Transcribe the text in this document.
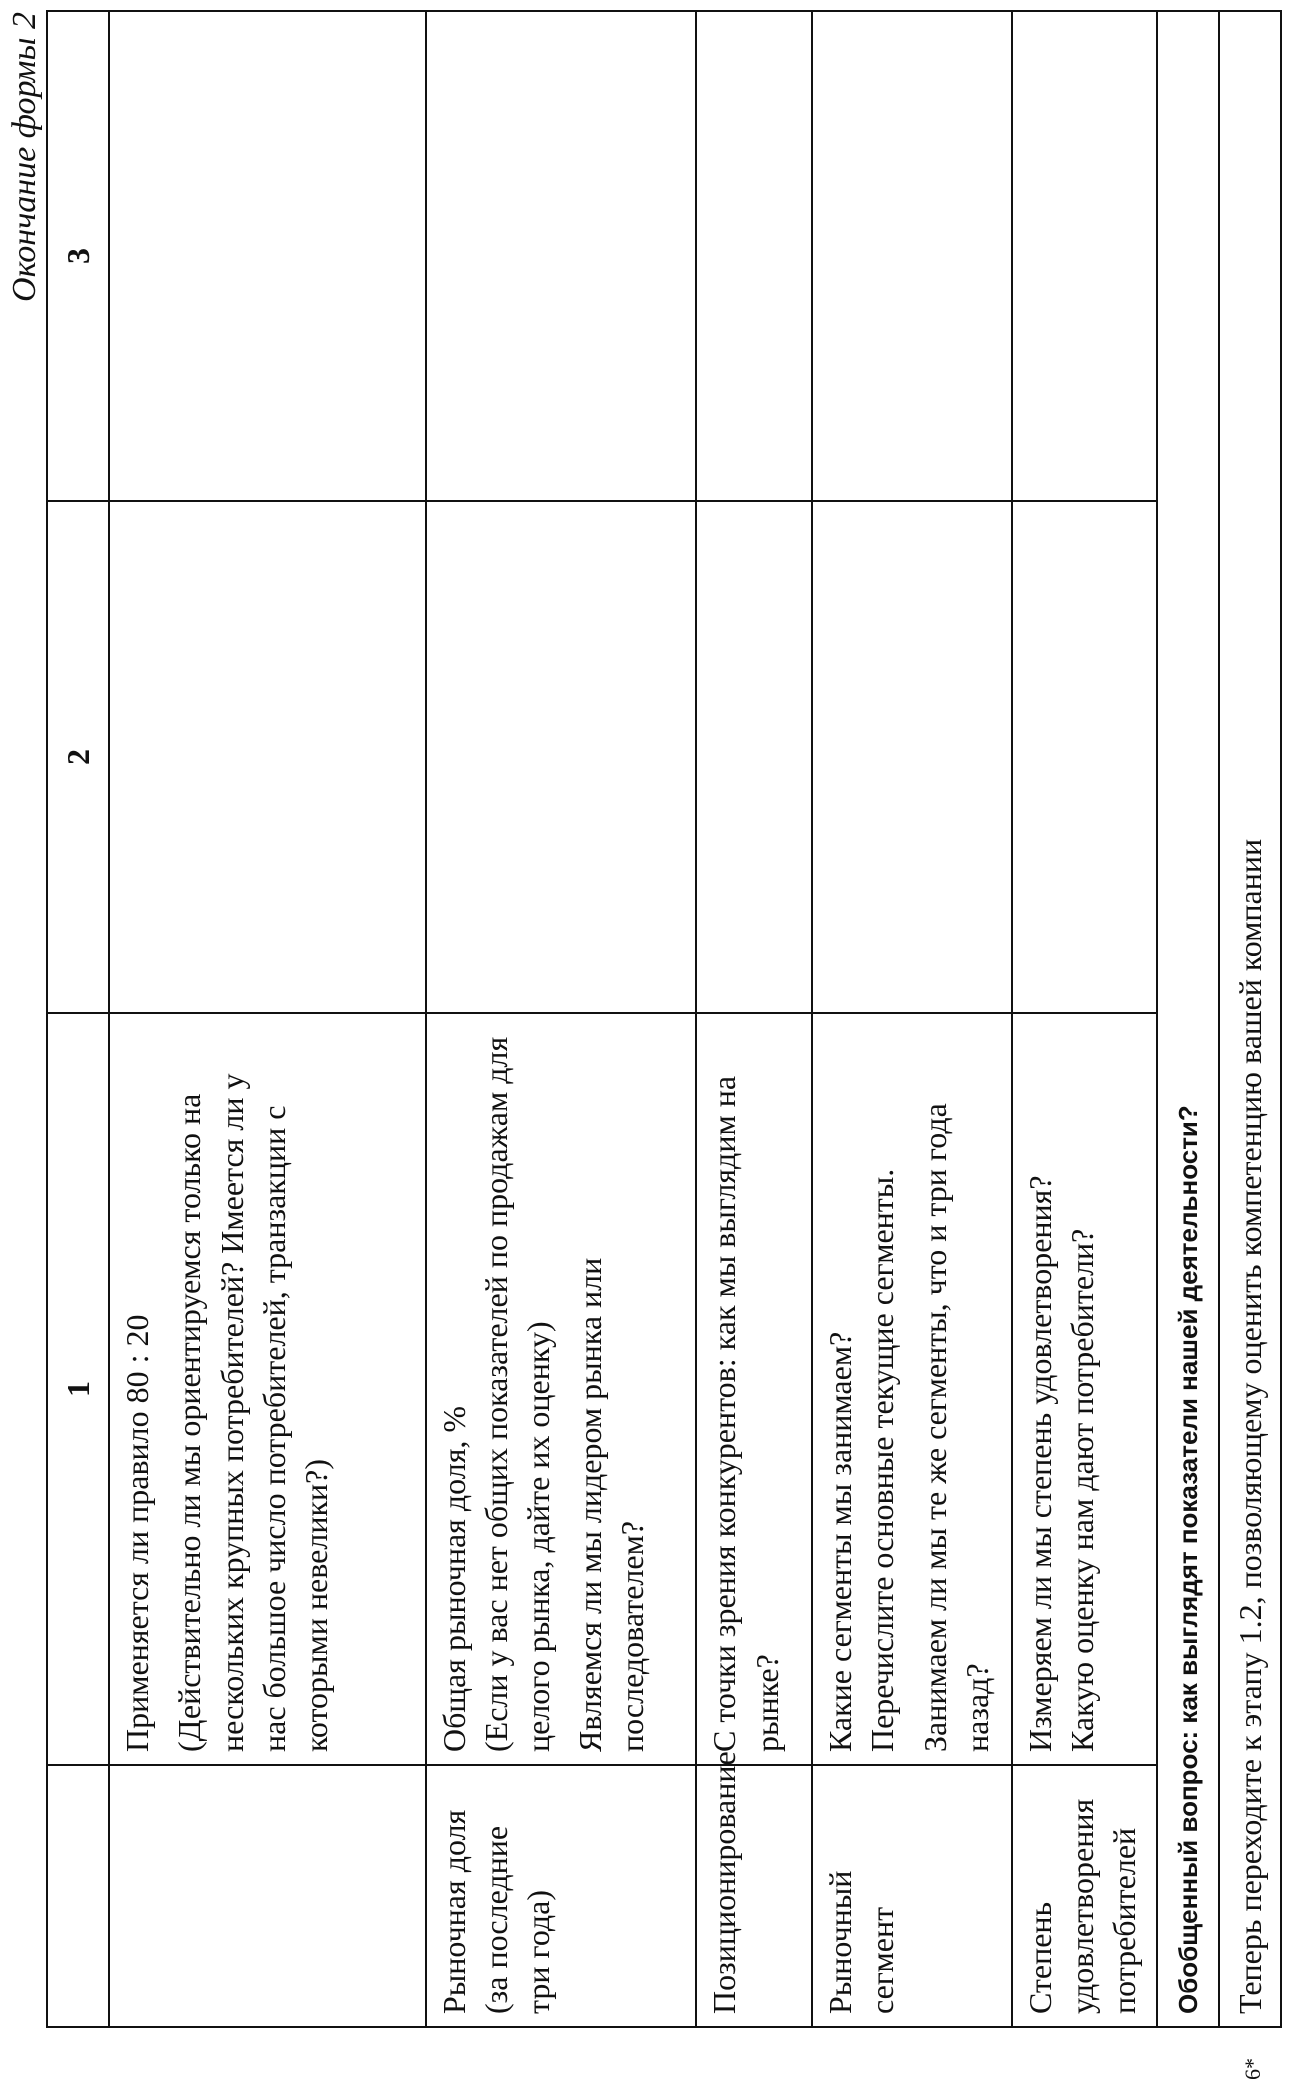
Окончание формы 2
	1	2	3

	Применяется ли правило 80 : 20 (Действительно ли мы ориентируемся только на нескольких крупных потребителей? Имеется ли у нас большое число потребителей, транзакции с которыми невелики?)		

Рыночная доля (за последние три года)	Общая рыночная доля, % (Если у вас нет общих показателей по продажам для целого рынка, дайте их оценку) Являемся ли мы лидером рынка или последователем?		

Позиционирование	С точки зрения конкурентов: как мы выглядим на рынке?		

Рыночный сегмент	Какие сегменты мы занимаем? Перечислите основные текущие сегменты. Занимаем ли мы те же сегменты, что и три года назад?		

Степень удовлетворения потребителей	Измеряем ли мы степень удовлетворения? Какую оценку нам дают потребители?		

Обобщенный вопрос: как выглядят показатели нашей деятельности?			
Теперь переходите к этапу 1.2, позволяющему оценить компетенцию вашей компании			
6*
